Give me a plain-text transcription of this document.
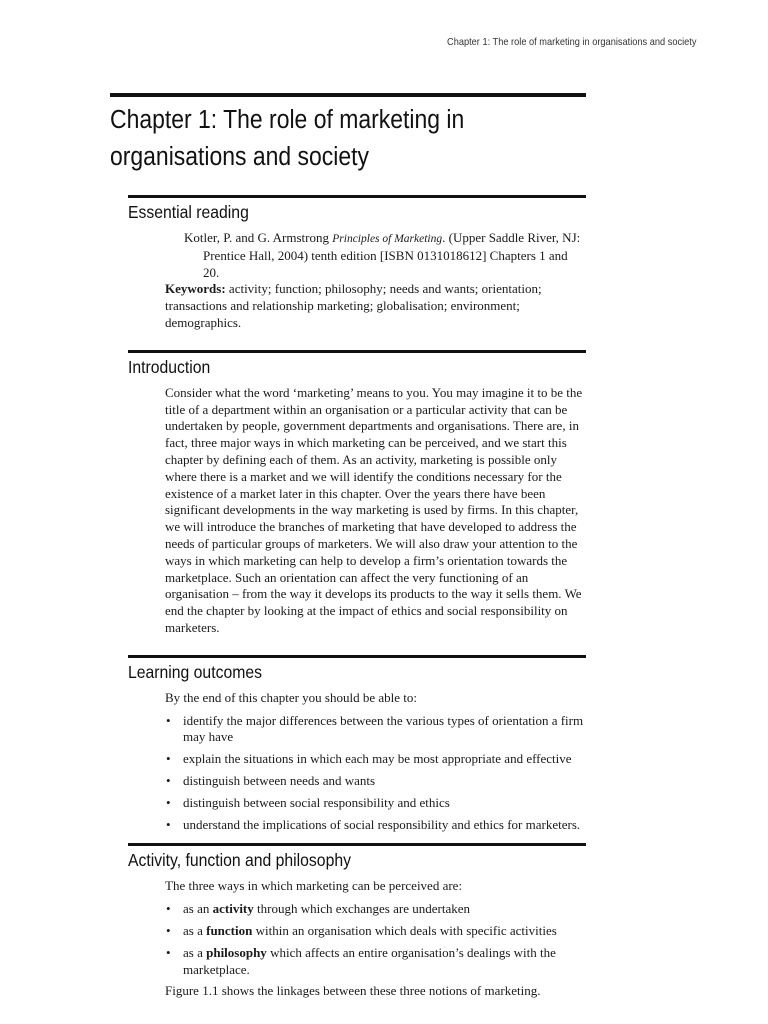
Chapter 1: The role of marketing in organisations and society
Chapter 1: The role of marketing in
organisations and society
Essential reading

Kotler, P. and G. Armstrong Principles of Marketing. (Upper Saddle River, NJ: Prentice Hall, 2004) tenth edition [ISBN 0131018612] Chapters 1 and 20.

Keywords: activity; function; philosophy; needs and wants; orientation; transactions and relationship marketing; globalisation; environment; demographics.

Introduction

Consider what the word ‘marketing’ means to you. You may imagine it to be the title of a department within an organisation or a particular activity that can be undertaken by people, government departments and organisations. There are, in fact, three major ways in which marketing can be perceived, and we start this chapter by defining each of them. As an activity, marketing is possible only where there is a market and we will identify the conditions necessary for the existence of a market later in this chapter. Over the years there have been significant developments in the way marketing is used by firms. In this chapter, we will introduce the branches of marketing that have developed to address the needs of particular groups of marketers. We will also draw your attention to the ways in which marketing can help to develop a firm’s orientation towards the marketplace. Such an orientation can affect the very functioning of an organisation – from the way it develops its products to the way it sells them. We end the chapter by looking at the impact of ethics and social responsibility on marketers.

Learning outcomes

By the end of this chapter you should be able to:

• identify the major differences between the various types of orientation a firm may have
• explain the situations in which each may be most appropriate and effective
• distinguish between needs and wants
• distinguish between social responsibility and ethics
• understand the implications of social responsibility and ethics for marketers.
Activity, function and philosophy

The three ways in which marketing can be perceived are:

• as an activity through which exchanges are undertaken
• as a function within an organisation which deals with specific activities
• as a philosophy which affects an entire organisation’s dealings with the marketplace.

Figure 1.1 shows the linkages between these three notions of marketing.
